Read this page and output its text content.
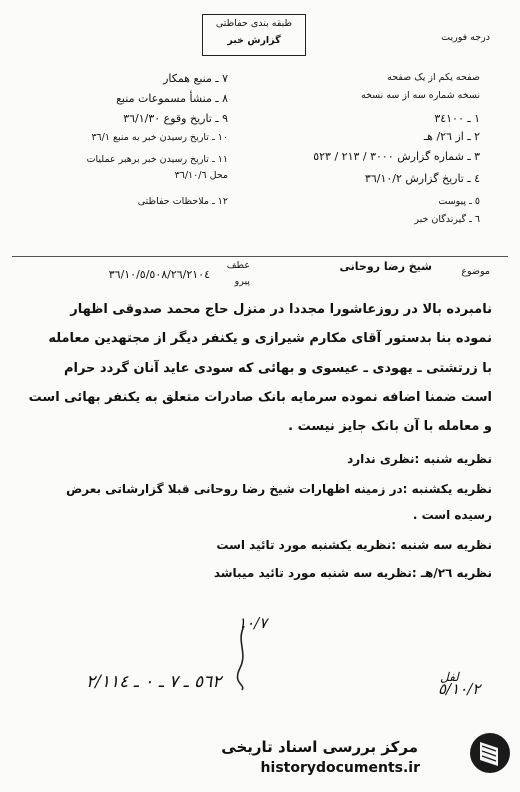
درجه فوریت
طبقه بندی حفاظتی
گزارش خبر
صفحه یکم از یک صفحه
نسخه شماره سه از سه نسخه
١ ـ ٣٤١٠٠
٢ ـ از ٢٦/ هـ
٣ ـ شماره گزارش ٣٠٠٠ / ٢١٣ / ٥٢٣
٤ ـ تاریخ گزارش ٣٦/١٠/٢
٥ ـ پیوست
٦ ـ گیرندگان خبر
٧ ـ منبع همکار
٨ ـ منشأ مسموعات منبع
٩ ـ تاریخ وقوع ٣٦/١/٣٠
١٠ ـ تاریخ رسیدن خبر به منبع ٣٦/١
١١ ـ تاریخ رسیدن خبر برهبر عملیات
محل ٣٦/١٠/٦
١٢ ـ ملاحظات حفاظتی
موضوع
شیخ رضا روحانی
عطف
پیرو
٣٦/١٠/٥/٥٠٨/٢٦/٢١٠٤
نامبرده بالا در روزعاشورا مجددا در منزل حاج محمد صدوقی اظهار
نموده بنا بدستور آقای مکارم شیرازی و یکنفر دیگر از مجتهدین معامله
با زرتشتی ـ یهودی ـ عیسوی و بهائی که سودی عاید آنان گردد حرام
است ضمنا اضافه نموده سرمایه بانک صادرات متعلق به یکنفر بهائی است
و معامله با آن بانک جایز نیست .
نظریه شنبه :نظری ندارد
نظریه یکشنبه :در زمینه اظهارات شیخ رضا روحانی قبلا گزارشاتی بعرض
رسیده است .
نظریه سه شنبه :نظریه یکشنبه مورد تائید است
نظریه ٢٦/هـ :نظریه سه شنبه مورد تائید میباشد
١٠/٧
لفل
٥٦٢ ـ ٧ ـ ٠ ـ ٢/١١٤	٥/١٠/٢
مرکز بررسی اسناد تاریخی
historydocuments.ir
